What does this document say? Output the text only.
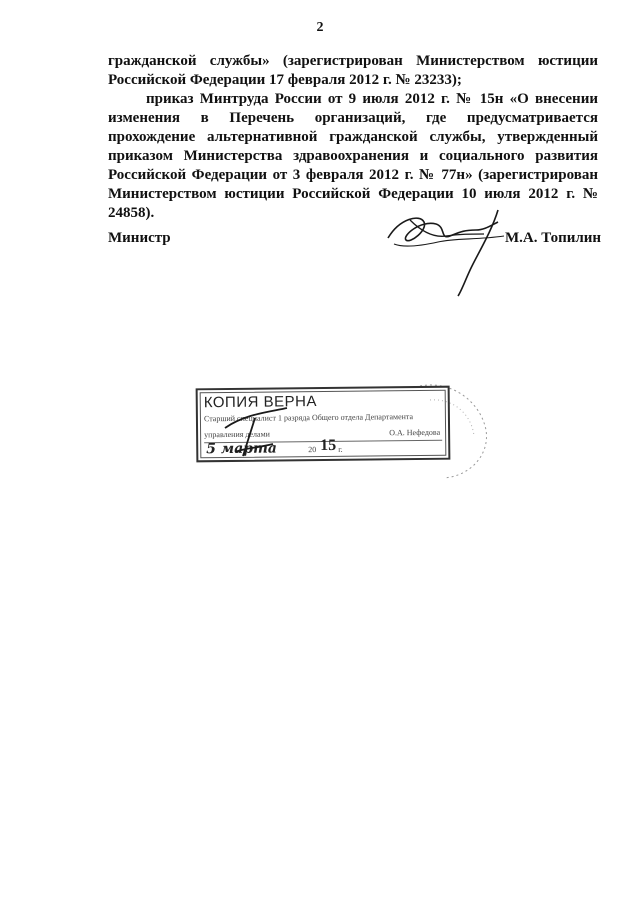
2

гражданской службы» (зарегистрирован Министерством юстиции Российской Федерации 17 февраля 2012 г. № 23233);

приказ Минтруда России от 9 июля 2012 г. № 15н «О внесении изменения в Перечень организаций, где предусматривается прохождение альтернативной гражданской службы, утвержденный приказом Министерства здравоохранения и социального развития Российской Федерации от 3 февраля 2012 г. № 77н» (зарегистрирован Министерством юстиции Российской Федерации 10 июля 2012 г. № 24858).

Министр	М.А. Топилин
КОПИЯ ВЕРНА
Старший специалист 1 разряда Общего отдела Департамента
управления делами	О.А. Нефедова
5 марта	20 15 г.
